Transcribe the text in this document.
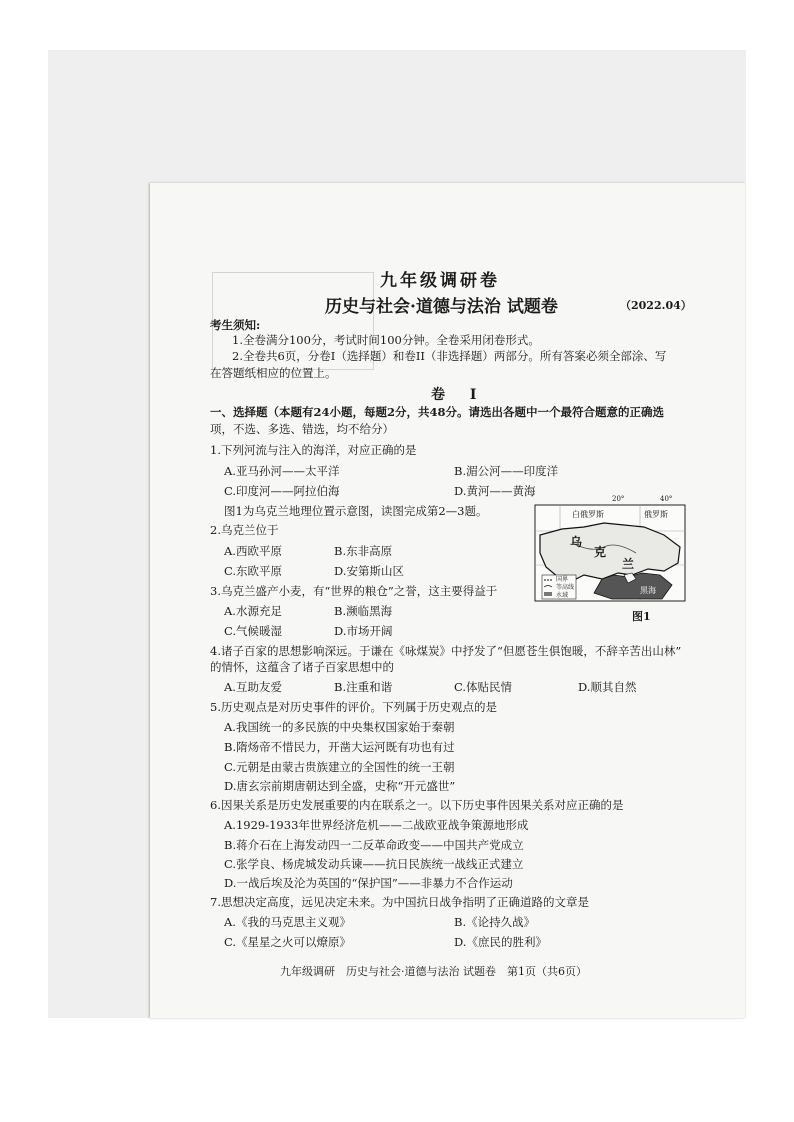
九年级调研卷
历史与社会·道德与法治 试题卷	（2022.04）
考生须知:
1.全卷满分100分，考试时间100分钟。全卷采用闭卷形式。
2.全卷共6页，分卷I（选择题）和卷II（非选择题）两部分。所有答案必须全部涂、写
在答题纸相应的位置上。
卷 I
一、选择题（本题有24小题，每题2分，共48分。请选出各题中一个最符合题意的正确选
项，不选、多选、错选，均不给分）
1.下列河流与注入的海洋，对应正确的是
A.亚马孙河——太平洋	B.湄公河——印度洋
C.印度河——阿拉伯海	D.黄河——黄海
图1为乌克兰地理位置示意图，读图完成第2—3题。
2.乌克兰位于
A.西欧平原	B.东非高原
C.东欧平原	D.安第斯山区
3.乌克兰盛产小麦，有“世界的粮仓”之誉，这主要得益于
A.水源充足	B.濒临黑海
C.气候暖湿	D.市场开阔
20°	40°
白俄罗斯	俄罗斯
乌
克
兰
黑海
国界
等高线
水域
图1
4.诸子百家的思想影响深远。于谦在《咏煤炭》中抒发了“但愿苍生俱饱暖，不辞辛苦出山林”
的情怀，这蕴含了诸子百家思想中的
A.互助友爱	B.注重和谐	C.体贴民情	D.顺其自然
5.历史观点是对历史事件的评价。下列属于历史观点的是
A.我国统一的多民族的中央集权国家始于秦朝
B.隋炀帝不惜民力，开凿大运河既有功也有过
C.元朝是由蒙古贵族建立的全国性的统一王朝
D.唐玄宗前期唐朝达到全盛，史称“开元盛世”
6.因果关系是历史发展重要的内在联系之一。以下历史事件因果关系对应正确的是
A.1929-1933年世界经济危机——二战欧亚战争策源地形成
B.蒋介石在上海发动四一二反革命政变——中国共产党成立
C.张学良、杨虎城发动兵谏——抗日民族统一战线正式建立
D.一战后埃及沦为英国的“保护国”——非暴力不合作运动
7.思想决定高度，远见决定未来。为中国抗日战争指明了正确道路的文章是
A.《我的马克思主义观》	B.《论持久战》
C.《星星之火可以燎原》	D.《庶民的胜利》
九年级调研　历史与社会·道德与法治 试题卷　第1页（共6页）
